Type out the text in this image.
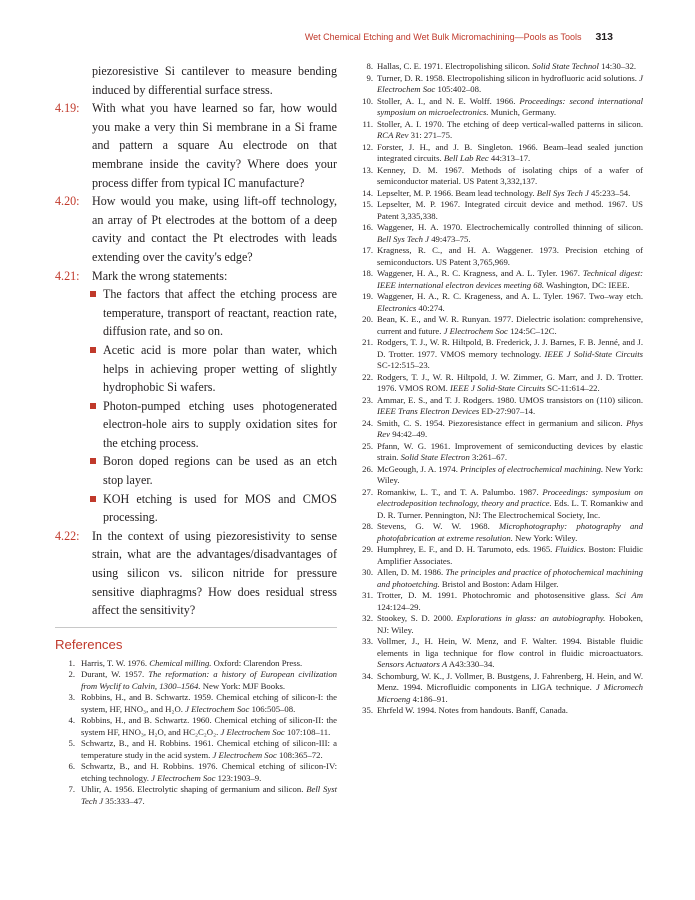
Wet Chemical Etching and Wet Bulk Micromachining—Pools as Tools 313
piezoresistive Si cantilever to measure bending induced by differential surface stress.
4.19: With what you have learned so far, how would you make a very thin Si membrane in a Si frame and pattern a square Au electrode on that membrane inside the cavity? Where does your process differ from typical IC manufacture?
4.20: How would you make, using lift-off technology, an array of Pt electrodes at the bottom of a deep cavity and contact the Pt electrodes with leads extending over the cavity's edge?
4.21: Mark the wrong statements:
The factors that affect the etching process are temperature, transport of reactant, reaction rate, diffusion rate, and so on.
Acetic acid is more polar than water, which helps in achieving proper wetting of slightly hydrophobic Si wafers.
Photon-pumped etching uses photogenerated electron-hole airs to supply oxidation sites for the etching process.
Boron doped regions can be used as an etch stop layer.
KOH etching is used for MOS and CMOS processing.
4.22: In the context of using piezoresistivity to sense strain, what are the advantages/disadvantages of using silicon vs. silicon nitride for pressure sensitive diaphragms? How does residual stress affect the sensitivity?
References
1. Harris, T. W. 1976. Chemical milling. Oxford: Clarendon Press.
2. Durant, W. 1957. The reformation: a history of European civilization from Wyclif to Calvin, 1300–1564. New York: MJF Books.
3. Robbins, H., and B. Schwartz. 1959. Chemical etching of silicon-I: the system, HF, HNO₃, and H₂O. J Electrochem Soc 106:505–08.
4. Robbins, H., and B. Schwartz. 1960. Chemical etching of silicon-II: the system HF, HNO₃, H₂O, and HC₂C₂O₂. J Electrochem Soc 107:108–11.
5. Schwartz, B., and H. Robbins. 1961. Chemical etching of silicon-III: a temperature study in the acid system. J Electrochem Soc 108:365–72.
6. Schwartz, B., and H. Robbins. 1976. Chemical etching of silicon-IV: etching technology. J Electrochem Soc 123:1903–9.
7. Uhlir, A. 1956. Electrolytic shaping of germanium and silicon. Bell Syst Tech J 35:333–47.
8. Hallas, C. E. 1971. Electropolishing silicon. Solid State Technol 14:30–32.
9. Turner, D. R. 1958. Electropolishing silicon in hydrofluoric acid solutions. J Electrochem Soc 105:402–08.
10. Stoller, A. I., and N. E. Wolff. 1966. Proceedings: second international symposium on microelectronics. Munich, Germany.
11. Stoller, A. I. 1970. The etching of deep vertical-walled patterns in silicon. RCA Rev 31: 271–75.
12. Forster, J. H., and J. B. Singleton. 1966. Beam–lead sealed junction integrated circuits. Bell Lab Rec 44:313–17.
13. Kenney, D. M. 1967. Methods of isolating chips of a wafer of semiconductor material. US Patent 3,332,137.
14. Lepselter, M. P. 1966. Beam lead technology. Bell Sys Tech J 45:233–54.
15. Lepselter, M. P. 1967. Integrated circuit device and method. 1967. US Patent 3,335,338.
16. Waggener, H. A. 1970. Electrochemically controlled thinning of silicon. Bell Sys Tech J 49:473–75.
17. Kragness, R. C., and H. A. Waggener. 1973. Precision etching of semiconductors. US Patent 3,765,969.
18. Waggener, H. A., R. C. Kragness, and A. L. Tyler. 1967. Technical digest: IEEE international electron devices meeting 68. Washington, DC: IEEE.
19. Waggener, H. A., R. C. Krageness, and A. L. Tyler. 1967. Two–way etch. Electronics 40:274.
20. Bean, K. E., and W. R. Runyan. 1977. Dielectric isolation: comprehensive, current and future. J Electrochem Soc 124:5C–12C.
21. Rodgers, T. J., W. R. Hiltpold, B. Frederick, J. J. Barnes, F. B. Jenné, and J. D. Trotter. 1977. VMOS memory technology. IEEE J Solid-State Circuits SC-12:515–23.
22. Rodgers, T. J., W. R. Hiltpold, J. W. Zimmer, G. Marr, and J. D. Trotter. 1976. VMOS ROM. IEEE J Solid-State Circuits SC-11:614–22.
23. Ammar, E. S., and T. J. Rodgers. 1980. UMOS transistors on (110) silicon. IEEE Trans Electron Devices ED-27:907–14.
24. Smith, C. S. 1954. Piezoresistance effect in germanium and silicon. Phys Rev 94:42–49.
25. Pfann, W. G. 1961. Improvement of semiconducting devices by elastic strain. Solid State Electron 3:261–67.
26. McGeough, J. A. 1974. Principles of electrochemical machining. New York: Wiley.
27. Romankiw, L. T., and T. A. Palumbo. 1987. Proceedings: symposium on electrodeposition technology, theory and practice. Eds. L. T. Romankiw and D. R. Turner. Pennington, NJ: The Electrochemical Society, Inc.
28. Stevens, G. W. W. 1968. Microphotography: photography and photofabrication at extreme resolution. New York: Wiley.
29. Humphrey, E. F., and D. H. Tarumoto, eds. 1965. Fluidics. Boston: Fluidic Amplifier Associates.
30. Allen, D. M. 1986. The principles and practice of photochemical machining and photoetching. Bristol and Boston: Adam Hilger.
31. Trotter, D. M. 1991. Photochromic and photosensitive glass. Sci Am 124:124–29.
32. Stookey, S. D. 2000. Explorations in glass: an autobiography. Hoboken, NJ: Wiley.
33. Vollmer, J., H. Hein, W. Menz, and F. Walter. 1994. Bistable fluidic elements in liga technique for flow control in fluidic microactuators. Sensors Actuators A A43:330–34.
34. Schomburg, W. K., J. Vollmer, B. Bustgens, J. Fahrenberg, H. Hein, and W. Menz. 1994. Microfluidic components in LIGA technique. J Micromech Microeng 4:186–91.
35. Ehrfeld W. 1994. Notes from handouts. Banff, Canada.
